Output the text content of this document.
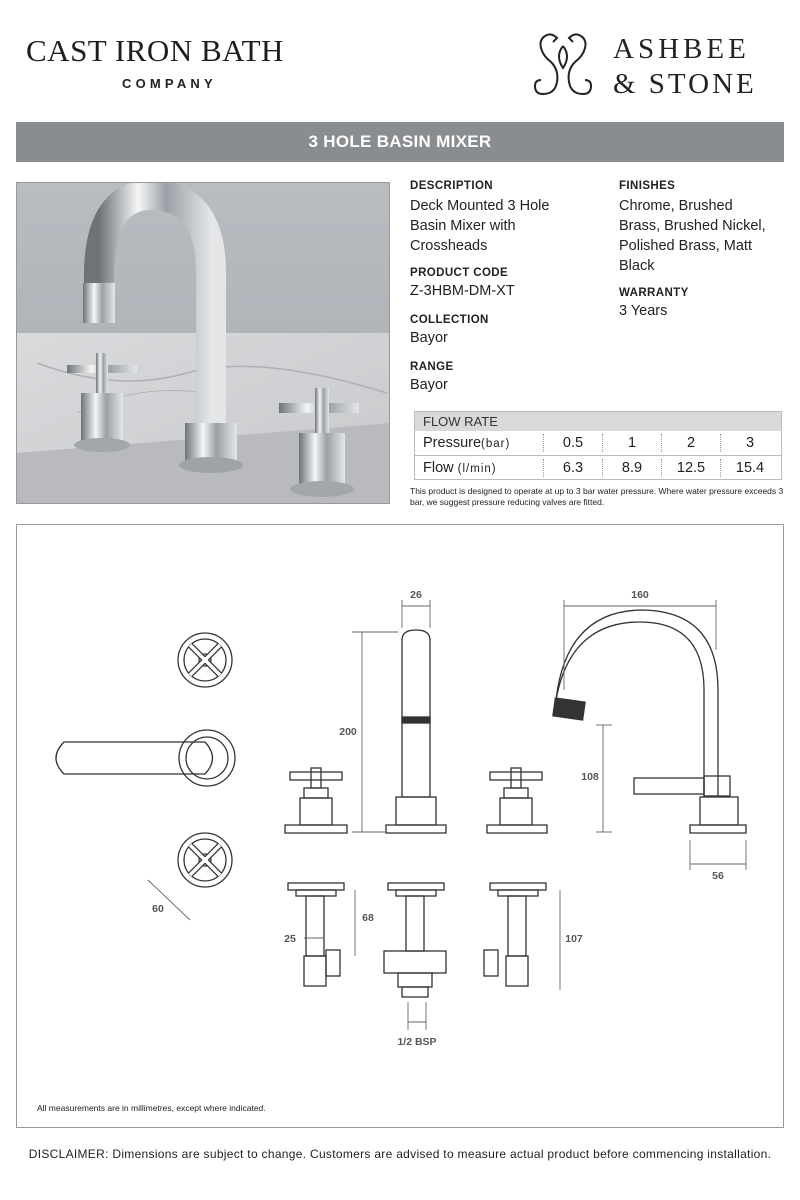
CAST IRON BATH
COMPANY
ASHBEE
& STONE
3 HOLE BASIN MIXER
DESCRIPTION
Deck Mounted 3 Hole
Basin Mixer with
Crossheads
PRODUCT CODE
Z-3HBM-DM-XT
COLLECTION
Bayor
RANGE
Bayor
FINISHES
Chrome, Brushed
Brass, Brushed Nickel,
Polished Brass, Matt
Black
WARRANTY
3 Years
FLOW RATE
Pressure(bar)	0.5	1	2	3
Flow (l/min)	6.3	8.9	12.5	15.4
This product is designed to operate at up to 3 bar water pressure. Where water pressure exceeds 3 bar, we suggest pressure reducing valves are fitted.
26
200
160
108
56
60
25
68
107
1/2 BSP
All measurements are in millimetres, except where indicated.
DISCLAIMER: Dimensions are subject to change. Customers are advised to measure actual product before commencing installation.
